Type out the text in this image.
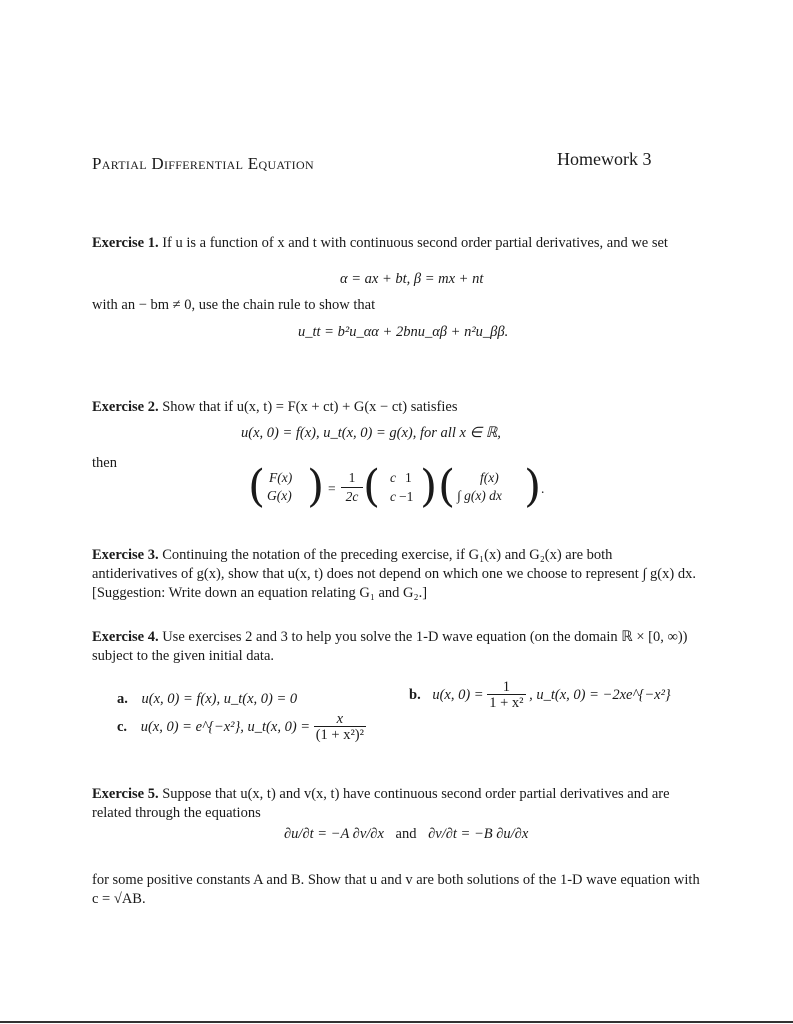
Partial Differential Equation	Homework 3
Exercise 1. If u is a function of x and t with continuous second order partial derivatives, and we set
α = ax + bt, β = mx + nt
with an − bm ≠ 0, use the chain rule to show that
u_tt = b²u_αα + 2bnu_αβ + n²u_ββ.
Exercise 2. Show that if u(x, t) = F(x + ct) + G(x − ct) satisfies
u(x, 0) = f(x), u_t(x, 0) = g(x), for all x ∈ ℝ,
then	( F(x)
G(x) ) =
1
2c ( c 1
c −1 ) ( f(x)
∫ g(x) dx ) .
Exercise 3. Continuing the notation of the preceding exercise, if G₁(x) and G₂(x) are both antiderivatives of g(x), show that u(x, t) does not depend on which one we choose to represent ∫ g(x) dx. [Suggestion: Write down an equation relating G₁ and G₂.]
Exercise 4. Use exercises 2 and 3 to help you solve the 1-D wave equation (on the domain ℝ × [0, ∞)) subject to the given initial data.
a. u(x, 0) = f(x), u_t(x, 0) = 0	b. u(x, $0) = \frac{1}{\text{1 + x²}}$ , u_t(x, 0) = −2xe^{−x²}
c. u(x, 0) = e^{−x²}, u_t(x, $0) = \frac{x}{\text{(1 + x²)²}}$
Exercise 5. Suppose that u(x, t) and v(x, t) have continuous second order partial derivatives and are related through the equations
∂u/∂t = −A ∂v/∂x and ∂v/∂t = −B ∂u/∂x
for some positive constants A and B. Show that u and v are both solutions of the 1-D wave equation with c = √AB.
